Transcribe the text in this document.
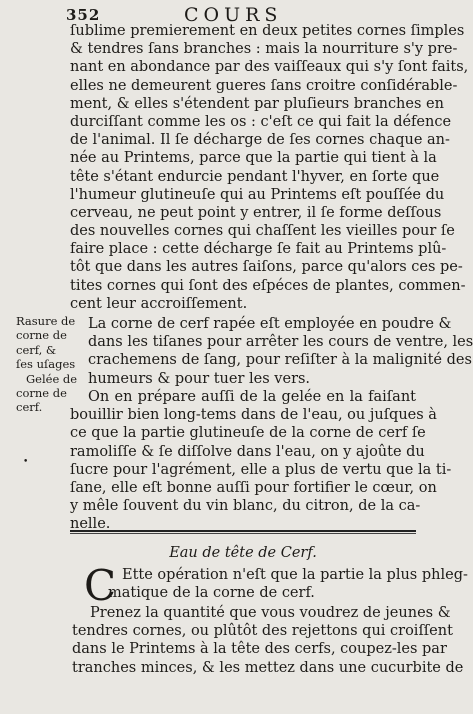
352	COURS
ſublime premierement en deux petites cornes ſimples
& tendres ſans branches : mais la nourriture s'y pre-
nant en abondance par des vaiſſeaux qui s'y ſont faits,
elles ne demeurent gueres ſans croitre conſidérable-
ment, & elles s'étendent par pluſieurs branches en
durciſſant comme les os : c'eſt ce qui fait la défence
de l'animal. Il ſe décharge de ſes cornes chaque an-
née au Printems, parce que la partie qui tient à la
tête s'étant endurcie pendant l'hyver, en ſorte que
l'humeur glutineuſe qui au Printems eſt pouſſée du
cerveau, ne peut point y entrer, il ſe forme deſſous
des nouvelles cornes qui chaſſent les vieilles pour ſe
faire place : cette décharge ſe fait au Printems plû-
tôt que dans les autres ſaiſons, parce qu'alors ces pe-
tites cornes qui ſont des eſpéces de plantes, commen-
cent leur accroiſſement.
Rasure de
corne de
cerf, &
ſes uſages
Gelée de
corne de
cerf.
La corne de cerf rapée eſt employée en poudre &
dans les tiſanes pour arrêter les cours de ventre, les
crachemens de ſang, pour reſiſter à la malignité des
humeurs & pour tuer les vers.
•
On en prépare auſſi de la gelée en la faiſant
bouillir bien long-tems dans de l'eau, ou juſques à
ce que la partie glutineuſe de la corne de cerf ſe
ramoliſſe & ſe diſſolve dans l'eau, on y ajoûte du
ſucre pour l'agrément, elle a plus de vertu que la ti-
ſane, elle eſt bonne auſſi pour fortifier le cœur, on
y mêle ſouvent du vin blanc, du citron, de la ca-
nelle.
Eau de tête de Cerf.
C Ette opération n'eſt que la partie la plus phleg-
matique de la corne de cerf.
Prenez la quantité que vous voudrez de jeunes &
tendres cornes, ou plûtôt des rejettons qui croiſſent
dans le Printems à la tête des cerfs, coupez-les par
tranches minces, & les mettez dans une cucurbite de
